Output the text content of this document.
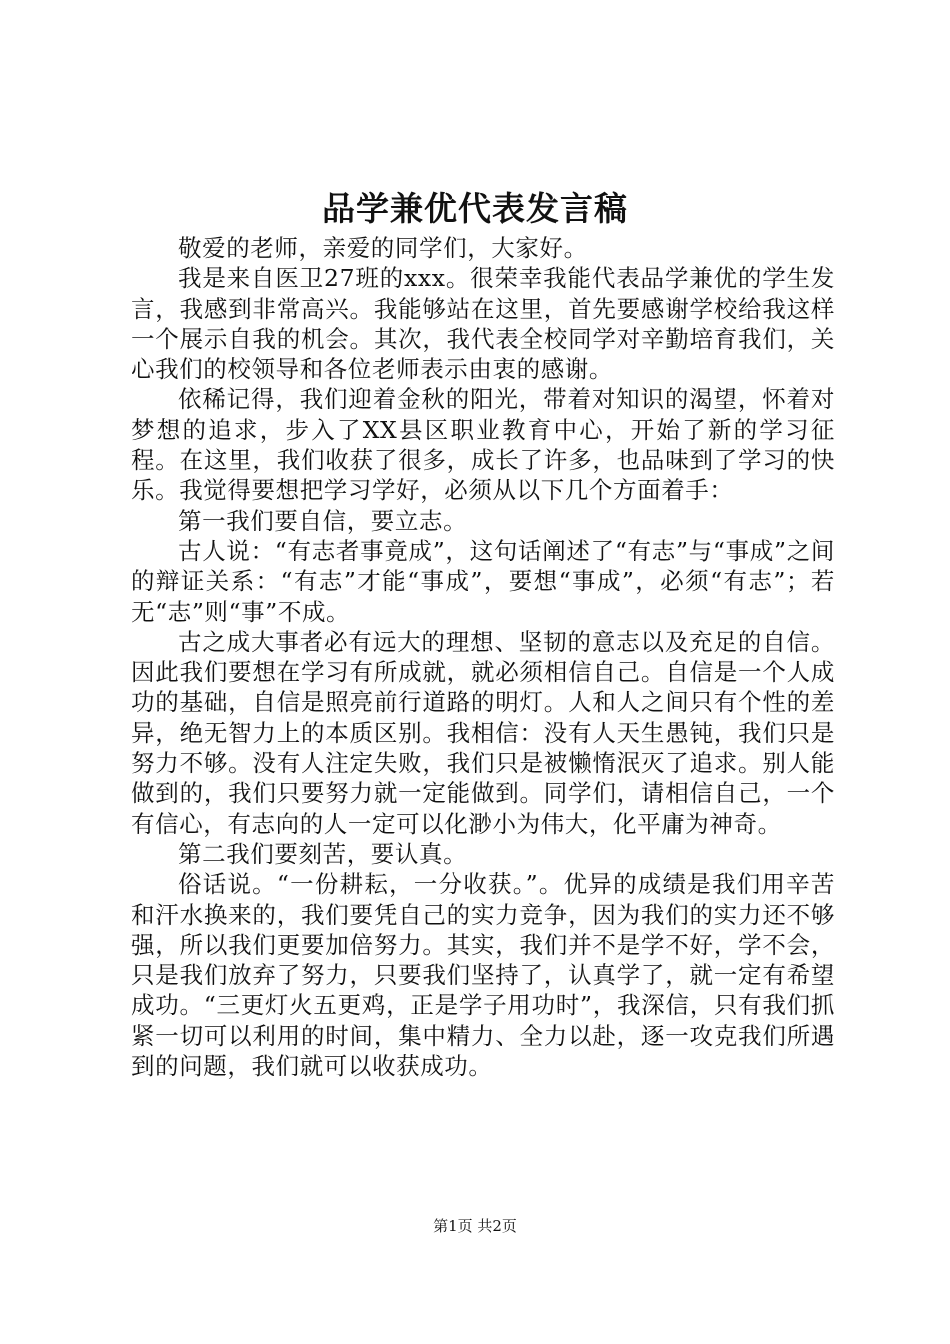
品学兼优代表发言稿

敬爱的老师，亲爱的同学们，大家好。

我是来自医卫27班的xxx。很荣幸我能代表品学兼优的学生发言，我感到非常高兴。我能够站在这里，首先要感谢学校给我这样一个展示自我的机会。其次，我代表全校同学对辛勤培育我们，关心我们的校领导和各位老师表示由衷的感谢。

依稀记得，我们迎着金秋的阳光，带着对知识的渴望，怀着对梦想的追求，步入了XX县区职业教育中心，开始了新的学习征程。在这里，我们收获了很多，成长了许多，也品味到了学习的快乐。我觉得要想把学习学好，必须从以下几个方面着手：

第一我们要自信，要立志。

古人说：“有志者事竟成”，这句话阐述了“有志”与“事成”之间的辩证关系：“有志”才能“事成”，要想“事成”，必须“有志”；若无“志”则“事”不成。

古之成大事者必有远大的理想、坚韧的意志以及充足的自信。因此我们要想在学习有所成就，就必须相信自己。自信是一个人成功的基础，自信是照亮前行道路的明灯。人和人之间只有个性的差异，绝无智力上的本质区别。我相信：没有人天生愚钝，我们只是努力不够。没有人注定失败，我们只是被懒惰泯灭了追求。别人能做到的，我们只要努力就一定能做到。同学们，请相信自己，一个有信心，有志向的人一定可以化渺小为伟大，化平庸为神奇。

第二我们要刻苦，要认真。

俗话说。“一份耕耘，一分收获。”。优异的成绩是我们用辛苦和汗水换来的，我们要凭自己的实力竞争，因为我们的实力还不够强，所以我们更要加倍努力。其实，我们并不是学不好，学不会，只是我们放弃了努力，只要我们坚持了，认真学了，就一定有希望成功。“三更灯火五更鸡，正是学子用功时”，我深信，只有我们抓紧一切可以利用的时间，集中精力、全力以赴，逐一攻克我们所遇到的问题，我们就可以收获成功。

第1页 共2页
